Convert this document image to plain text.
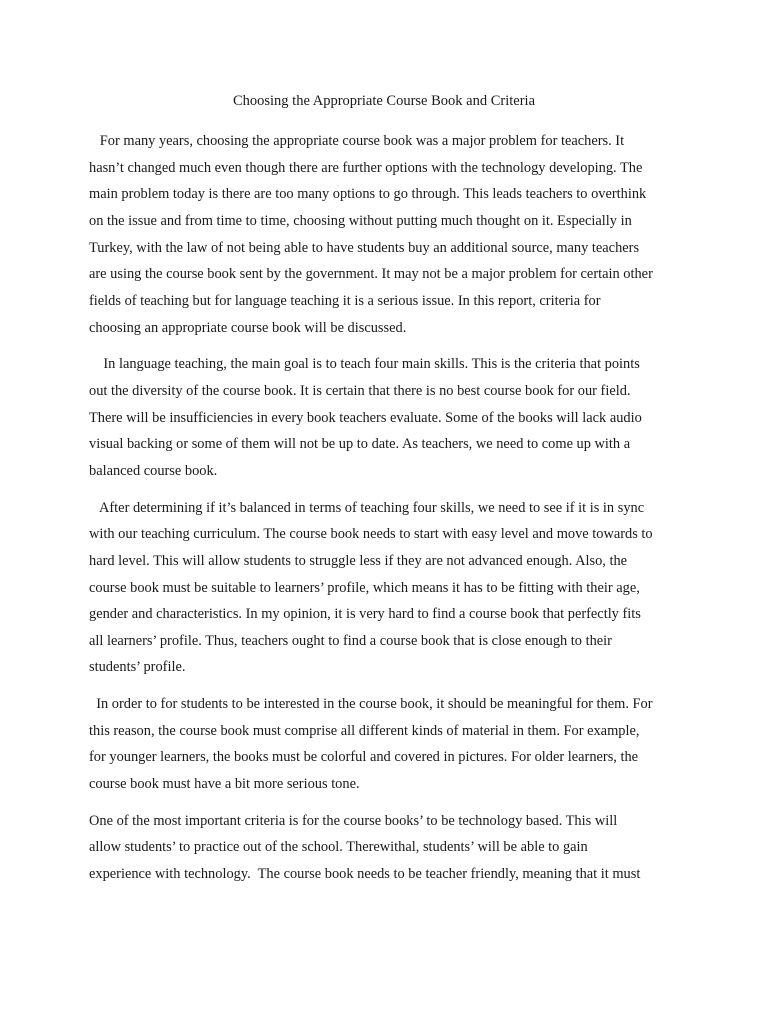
Choosing the Appropriate Course Book and Criteria
For many years, choosing the appropriate course book was a major problem for teachers. It
hasn’t changed much even though there are further options with the technology developing. The
main problem today is there are too many options to go through. This leads teachers to overthink
on the issue and from time to time, choosing without putting much thought on it. Especially in
Turkey, with the law of not being able to have students buy an additional source, many teachers
are using the course book sent by the government. It may not be a major problem for certain other
fields of teaching but for language teaching it is a serious issue. In this report, criteria for
choosing an appropriate course book will be discussed.
In language teaching, the main goal is to teach four main skills. This is the criteria that points
out the diversity of the course book. It is certain that there is no best course book for our field.
There will be insufficiencies in every book teachers evaluate. Some of the books will lack audio
visual backing or some of them will not be up to date. As teachers, we need to come up with a
balanced course book.
After determining if it’s balanced in terms of teaching four skills, we need to see if it is in sync
with our teaching curriculum. The course book needs to start with easy level and move towards to
hard level. This will allow students to struggle less if they are not advanced enough. Also, the
course book must be suitable to learners’ profile, which means it has to be fitting with their age,
gender and characteristics. In my opinion, it is very hard to find a course book that perfectly fits
all learners’ profile. Thus, teachers ought to find a course book that is close enough to their
students’ profile.
In order to for students to be interested in the course book, it should be meaningful for them. For
this reason, the course book must comprise all different kinds of material in them. For example,
for younger learners, the books must be colorful and covered in pictures. For older learners, the
course book must have a bit more serious tone.
One of the most important criteria is for the course books’ to be technology based. This will
allow students’ to practice out of the school. Therewithal, students’ will be able to gain
experience with technology.  The course book needs to be teacher friendly, meaning that it must
